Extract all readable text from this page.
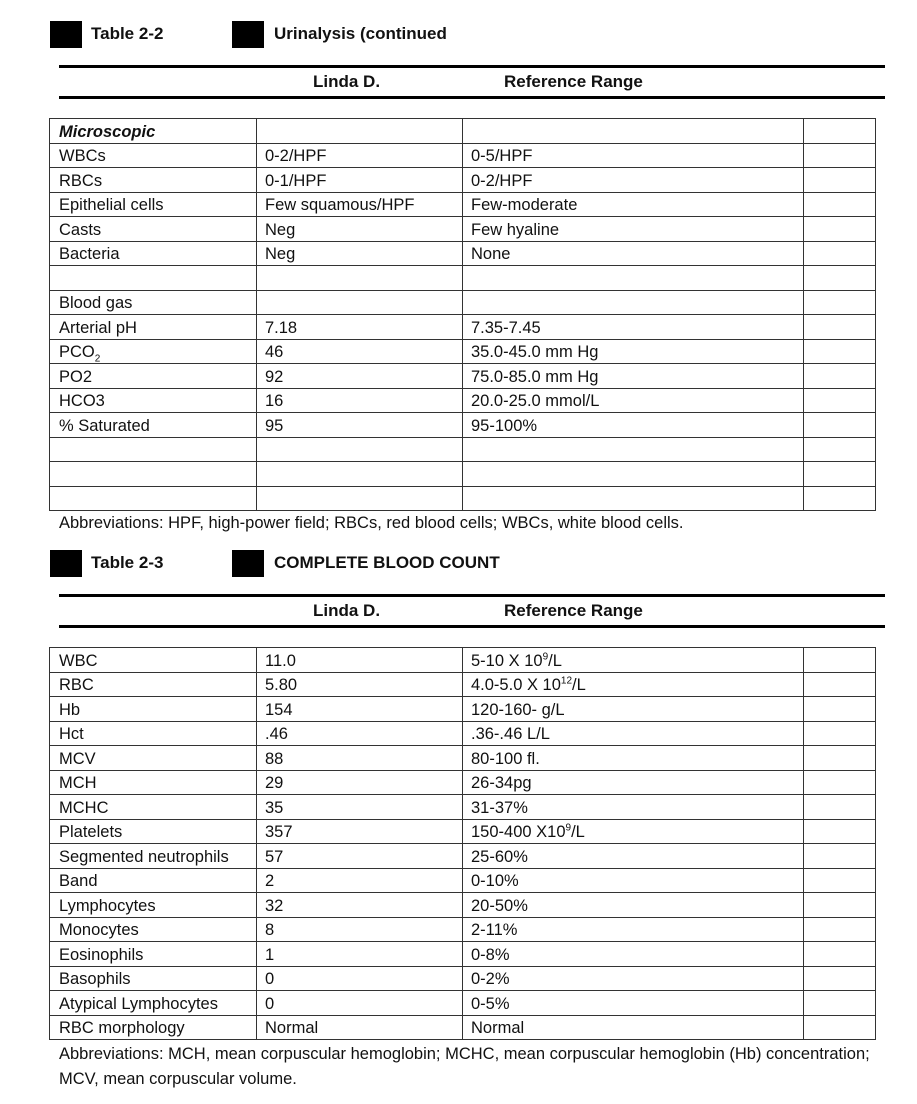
Table 2-2	Urinalysis (continued
Linda D.	Reference Range
Microscopic			
WBCs	0-2/HPF	0-5/HPF	
RBCs	0-1/HPF	0-2/HPF	
Epithelial cells	Few squamous/HPF	Few-moderate	
Casts	Neg	Few hyaline	
Bacteria	Neg	None	

Blood gas			
Arterial pH	7.18	7.35-7.45	
$PCO_2$	46	35.0-45.0 mm Hg	
PO2	92	75.0-85.0 mm Hg	
HCO3	16	20.0-25.0 mmol/L	
% Saturated	95	95-100%	

Abbreviations: HPF, high-power field; RBCs, red blood cells; WBCs, white blood cells.
Table 2-3	COMPLETE BLOOD COUNT
Linda D.	Reference Range
WBC	11.0	5-10 X $10^9/L$	
RBC	5.80	4.0-5.0 X $10^{12}/L$	
Hb	154	120-160- g/L	
Hct	.46	.36-.46 L/L	
MCV	88	80-100 fl.	
MCH	29	26-34pg	
MCHC	35	31-37%	
Platelets	357	150-400 $X10^9/L$	
Segmented neutrophils	57	25-60%	
Band	2	0-10%	
Lymphocytes	32	20-50%	
Monocytes	8	2-11%	
Eosinophils	1	0-8%	
Basophils	0	0-2%	
Atypical Lymphocytes	0	0-5%	
RBC morphology	Normal	Normal	
Abbreviations: MCH, mean corpuscular hemoglobin; MCHC, mean corpuscular hemoglobin (Hb) concentration; MCV, mean corpuscular volume.
